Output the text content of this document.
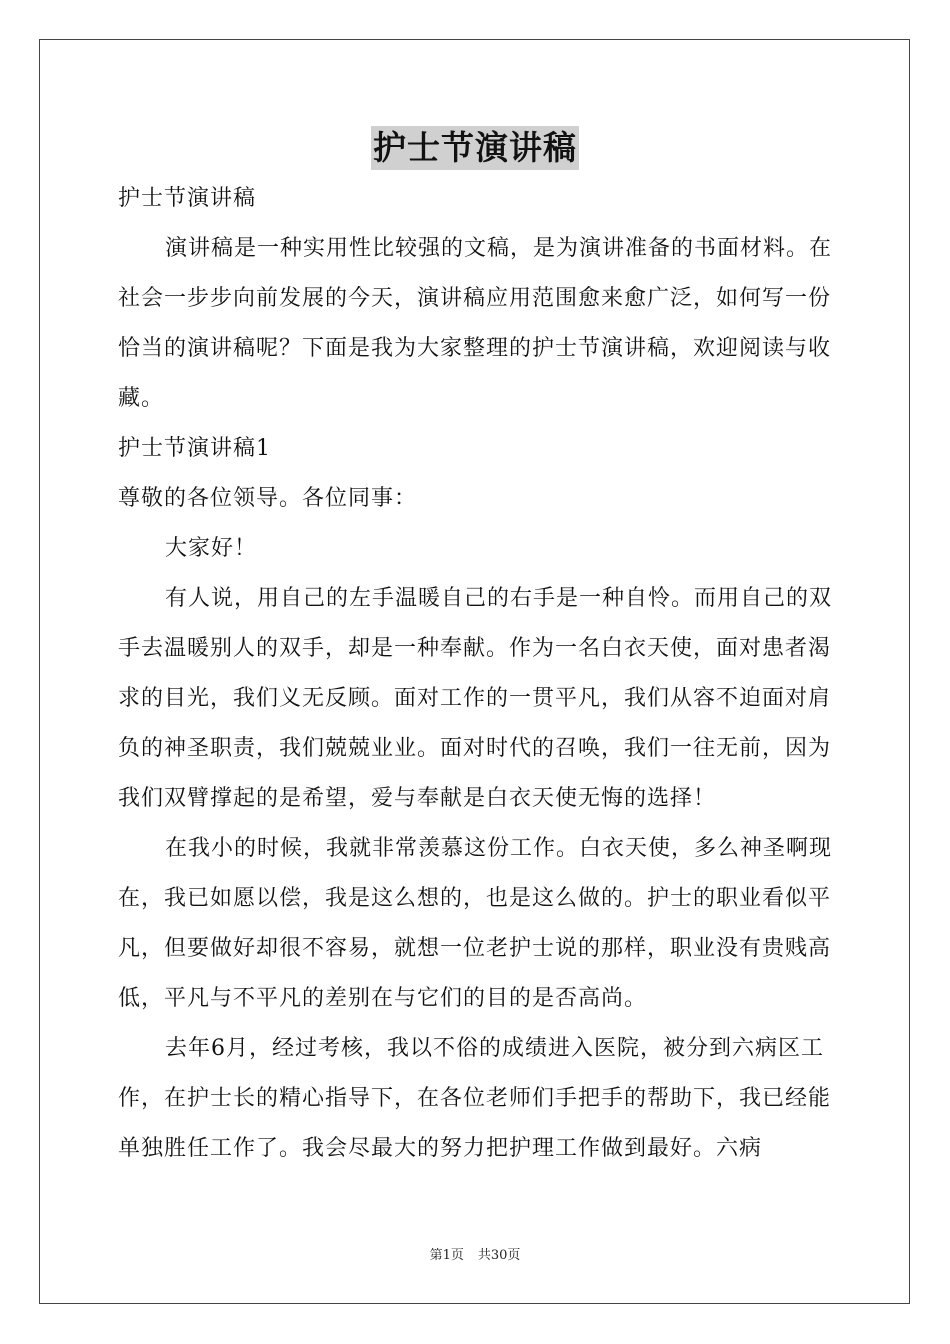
护士节演讲稿

护士节演讲稿

演讲稿是一种实用性比较强的文稿，是为演讲准备的书面材料。在社会一步步向前发展的今天，演讲稿应用范围愈来愈广泛，如何写一份恰当的演讲稿呢？下面是我为大家整理的护士节演讲稿，欢迎阅读与收藏。

护士节演讲稿1

尊敬的各位领导。各位同事：

大家好！

有人说，用自己的左手温暖自己的右手是一种自怜。而用自己的双手去温暖别人的双手，却是一种奉献。作为一名白衣天使，面对患者渴求的目光，我们义无反顾。面对工作的一贯平凡，我们从容不迫面对肩负的神圣职责，我们兢兢业业。面对时代的召唤，我们一往无前，因为我们双臂撑起的是希望，爱与奉献是白衣天使无悔的选择！

在我小的时候，我就非常羡慕这份工作。白衣天使，多么神圣啊现在，我已如愿以偿，我是这么想的，也是这么做的。护士的职业看似平凡，但要做好却很不容易，就想一位老护士说的那样，职业没有贵贱高低，平凡与不平凡的差别在与它们的目的是否高尚。

去年6月，经过考核，我以不俗的成绩进入医院，被分到六病区工作，在护士长的精心指导下，在各位老师们手把手的帮助下，我已经能单独胜任工作了。我会尽最大的努力把护理工作做到最好。六病

第1页 共30页
